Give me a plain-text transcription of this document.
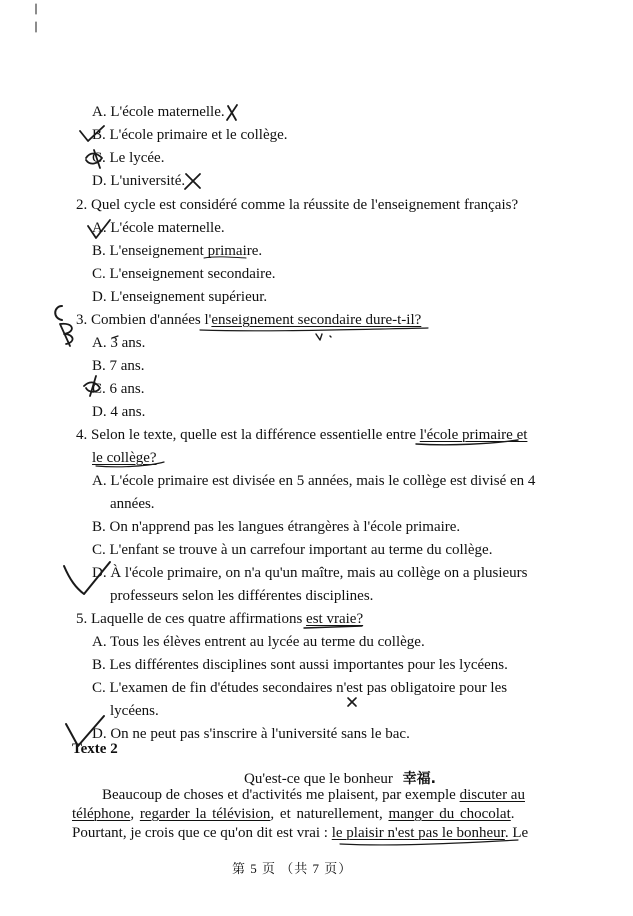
A. L'école maternelle.
B. L'école primaire et le collège.
C. Le lycée.
D. L'université.
2. Quel cycle est considéré comme la réussite de l'enseignement français?
A. L'école maternelle.
B. L'enseignement primaire.
C. L'enseignement secondaire.
D. L'enseignement supérieur.
3. Combien d'années l'enseignement secondaire dure-t-il?
A. 3 ans.
B. 7 ans.
C. 6 ans.
D. 4 ans.
4. Selon le texte, quelle est la différence essentielle entre l'école primaire et
le collège?
A. L'école primaire est divisée en 5 années, mais le collège est divisé en 4
années.
B. On n'apprend pas les langues étrangères à l'école primaire.
C. L'enfant se trouve à un carrefour important au terme du collège.
D. À l'école primaire, on n'a qu'un maître, mais au collège on a plusieurs
professeurs selon les différentes disciplines.
5. Laquelle de ces quatre affirmations est vraie?
A. Tous les élèves entrent au lycée au terme du collège.
B. Les différentes disciplines sont aussi importantes pour les lycéens.
C. L'examen de fin d'études secondaires n'est pas obligatoire pour les
lycéens.
D. On ne peut pas s'inscrire à l'université sans le bac.
Texte 2
Qu'est-ce que le bonheur 幸福.
Beaucoup de choses et d'activités me plaisent, par exemple discuter au
téléphone, regarder la télévision, et naturellement, manger du chocolat.
Pourtant, je crois que ce qu'on dit est vrai : le plaisir n'est pas le bonheur. Le
第 5 页 （共 7 页）
